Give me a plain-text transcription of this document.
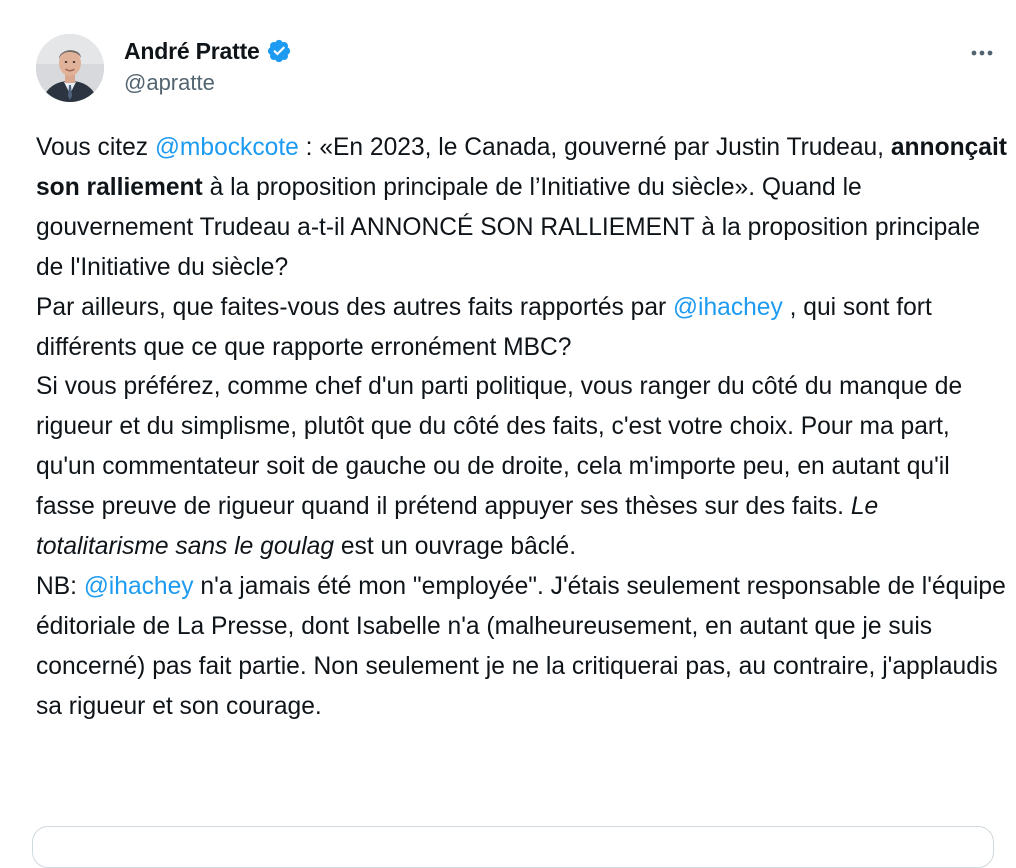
André Pratte
@apratte

Vous citez @mbockcote : «En 2023, le Canada, gouverné par Justin Trudeau, annonçait son ralliement à la proposition principale de l’Initiative du siècle». Quand le gouvernement Trudeau a-t-il ANNONCÉ SON RALLIEMENT à la proposition principale de l'Initiative du siècle?

Par ailleurs, que faites-vous des autres faits rapportés par @ihachey , qui sont fort différents que ce que rapporte erronément MBC?

Si vous préférez, comme chef d'un parti politique, vous ranger du côté du manque de rigueur et du simplisme, plutôt que du côté des faits, c'est votre choix. Pour ma part, qu'un commentateur soit de gauche ou de droite, cela m'importe peu, en autant qu'il fasse preuve de rigueur quand il prétend appuyer ses thèses sur des faits. Le totalitarisme sans le goulag est un ouvrage bâclé.

NB: @ihachey n'a jamais été mon "employée". J'étais seulement responsable de l'équipe éditoriale de La Presse, dont Isabelle n'a (malheureusement, en autant que je suis concerné) pas fait partie. Non seulement je ne la critiquerai pas, au contraire, j'applaudis sa rigueur et son courage.
